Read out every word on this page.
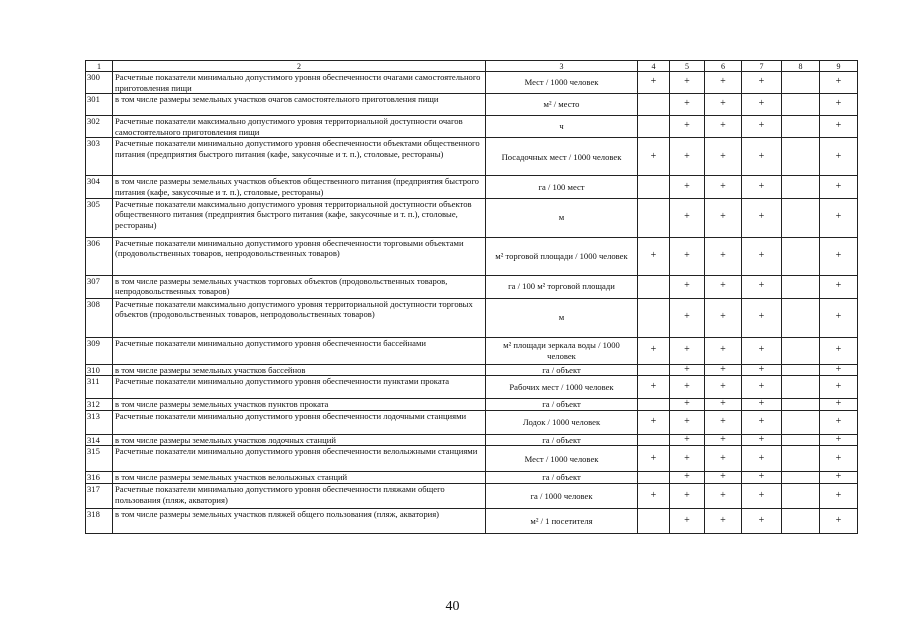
1	2	3	4	5	6	7	8	9
300	Расчетные показатели минимально допустимого уровня обеспеченности очагами самостоятельного приготовления пищи	Мест / 1000 человек	+	+	+	+		+
301	в том числе размеры земельных участков очагов самостоятельного приготовления пищи	м² / место		+	+	+		+
302	Расчетные показатели максимально допустимого уровня территориальной доступности очагов самостоятельного приготовления пищи	ч		+	+	+		+
303	Расчетные показатели минимально допустимого уровня обеспеченности объектами общественного питания (предприятия быстрого питания (кафе, закусочные и т. п.), столовые, рестораны)	Посадочных мест / 1000 человек	+	+	+	+		+
304	в том числе размеры земельных участков объектов общественного питания (предприятия быстрого питания (кафе, закусочные и т. п.), столовые, рестораны)	га / 100 мест		+	+	+		+
305	Расчетные показатели максимально допустимого уровня территориальной доступности объектов общественного питания (предприятия быстрого питания (кафе, закусочные и т. п.), столовые, рестораны)	м		+	+	+		+
306	Расчетные показатели минимально допустимого уровня обеспеченности торговыми объектами (продовольственных товаров, непродовольственных товаров)	м² торговой площади / 1000 человек	+	+	+	+		+
307	в том числе размеры земельных участков торговых объектов (продовольственных товаров, непродовольственных товаров)	га / 100 м² торговой площади		+	+	+		+
308	Расчетные показатели максимально допустимого уровня территориальной доступности торговых объектов (продовольственных товаров, непродовольственных товаров)	м		+	+	+		+
309	Расчетные показатели минимально допустимого уровня обеспеченности бассейнами	м² площади зеркала воды / 1000 человек	+	+	+	+		+
310	в том числе размеры земельных участков бассейнов	га / объект		+	+	+		+
311	Расчетные показатели минимально допустимого уровня обеспеченности пунктами проката	Рабочих мест / 1000 человек	+	+	+	+		+
312	в том числе размеры земельных участков пунктов проката	га / объект		+	+	+		+
313	Расчетные показатели минимально допустимого уровня обеспеченности лодочными станциями	Лодок / 1000 человек	+	+	+	+		+
314	в том числе размеры земельных участков лодочных станций	га / объект		+	+	+		+
315	Расчетные показатели минимально допустимого уровня обеспеченности велолыжными станциями	Мест / 1000 человек	+	+	+	+		+
316	в том числе размеры земельных участков велолыжных станций	га / объект		+	+	+		+
317	Расчетные показатели минимально допустимого уровня обеспеченности пляжами общего пользования (пляж, акватория)	га / 1000 человек	+	+	+	+		+
318	в том числе размеры земельных участков пляжей общего пользования (пляж, акватория)	м² / 1 посетителя		+	+	+		+
40
